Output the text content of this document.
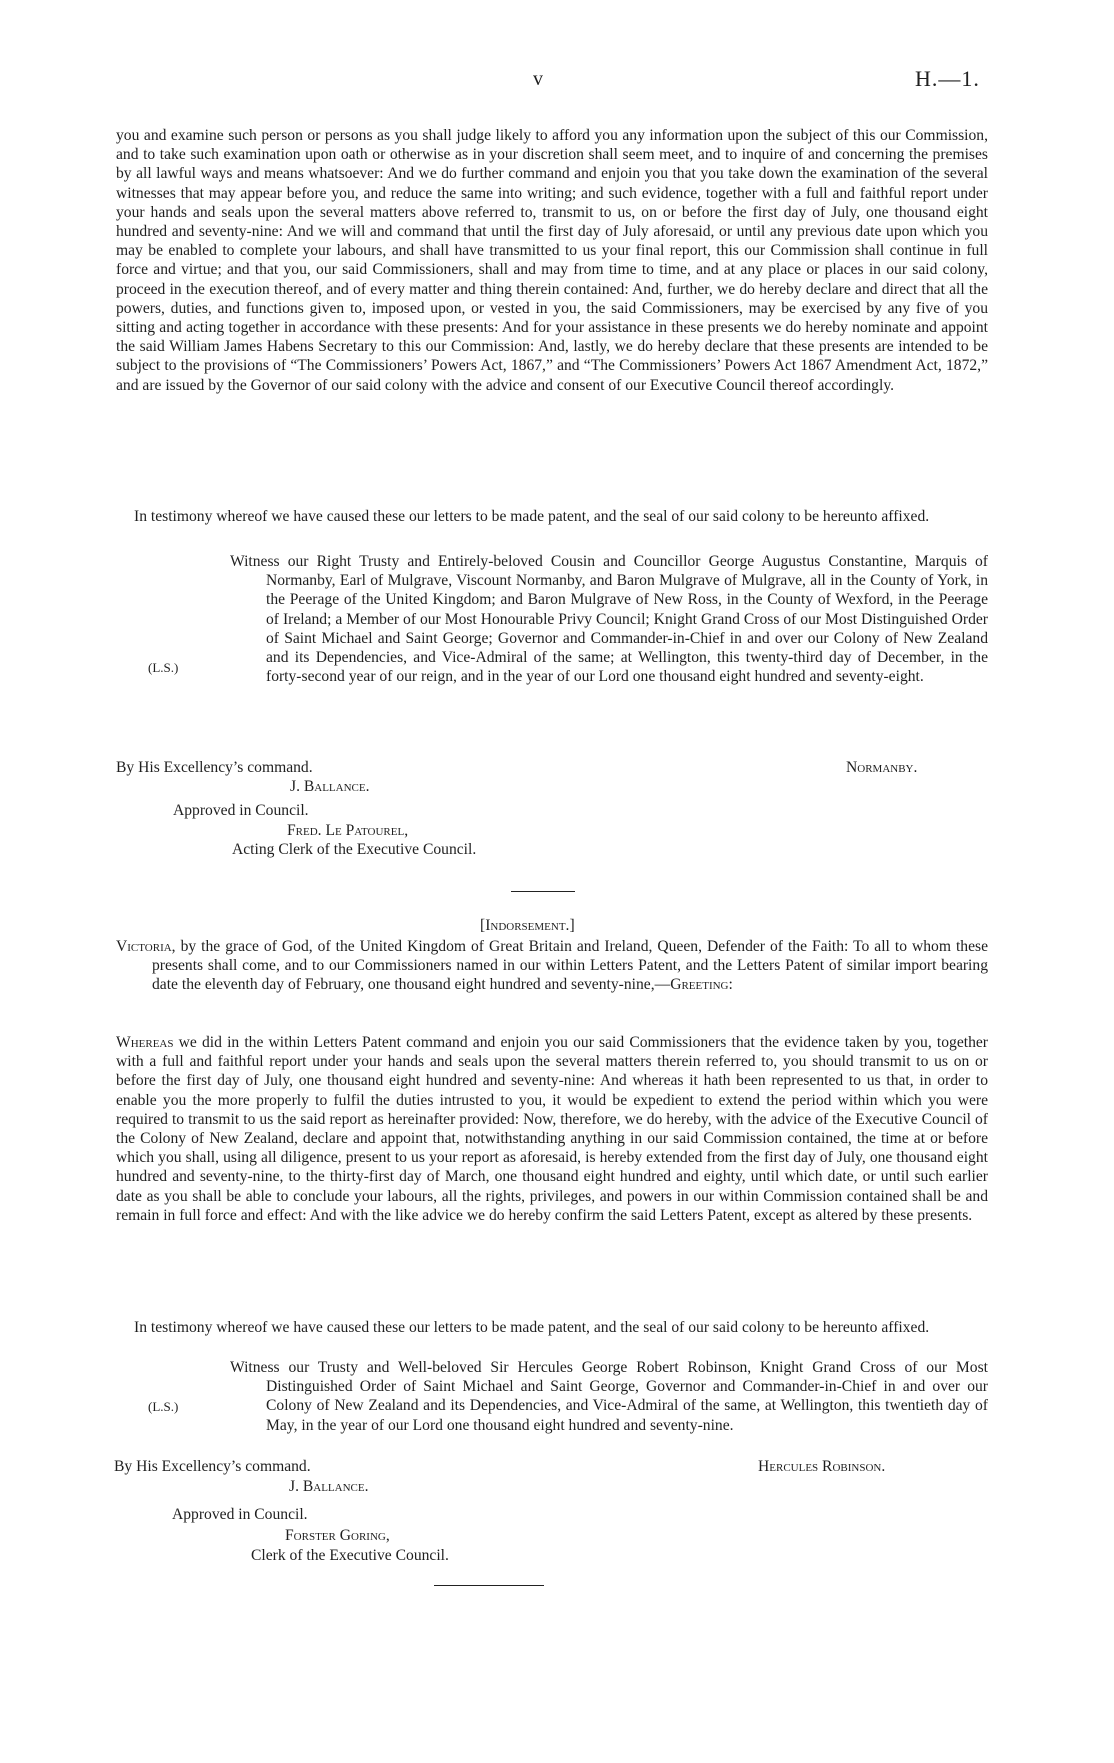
v	H.—1.
you and examine such person or persons as you shall judge likely to afford you any information upon the subject of this our Commission, and to take such examination upon oath or otherwise as in your discretion shall seem meet, and to inquire of and concerning the premises by all lawful ways and means whatsoever: And we do further command and enjoin you that you take down the examination of the several witnesses that may appear before you, and reduce the same into writing; and such evidence, together with a full and faithful report under your hands and seals upon the several matters above referred to, transmit to us, on or before the first day of July, one thousand eight hundred and seventy-nine: And we will and command that until the first day of July aforesaid, or until any previous date upon which you may be enabled to complete your labours, and shall have transmitted to us your final report, this our Commission shall continue in full force and virtue; and that you, our said Commissioners, shall and may from time to time, and at any place or places in our said colony, proceed in the execution thereof, and of every matter and thing therein contained: And, further, we do hereby declare and direct that all the powers, duties, and functions given to, imposed upon, or vested in you, the said Commissioners, may be exercised by any five of you sitting and acting together in accordance with these presents: And for your assistance in these presents we do hereby nominate and appoint the said William James Habens Secretary to this our Commission: And, lastly, we do hereby declare that these presents are intended to be subject to the provisions of “The Commissioners’ Powers Act, 1867,” and “The Commissioners’ Powers Act 1867 Amendment Act, 1872,” and are issued by the Governor of our said colony with the advice and consent of our Executive Council thereof accordingly.
In testimony whereof we have caused these our letters to be made patent, and the seal of our said colony to be hereunto affixed.
Witness our Right Trusty and Entirely-beloved Cousin and Councillor George Augustus Constantine, Marquis of Normanby, Earl of Mulgrave, Viscount Normanby, and Baron Mulgrave of Mulgrave, all in the County of York, in the Peerage of the United Kingdom; and Baron Mulgrave of New Ross, in the County of Wexford, in the Peerage of Ireland; a Member of our Most Honourable Privy Council; Knight Grand Cross of our Most Distinguished Order of Saint Michael and Saint George; Governor and Commander-in-Chief in and over our Colony of New Zealand and its Dependencies, and Vice-Admiral of the same; at Wellington, this twenty-third day of December, in the forty-second year of our reign, and in the year of our Lord one thousand eight hundred and seventy-eight.
(L.S.)
By His Excellency’s command.	Normanby.
J. Ballance.
Approved in Council.
Fred. Le Patourel,
Acting Clerk of the Executive Council.
[Indorsement.]
Victoria, by the grace of God, of the United Kingdom of Great Britain and Ireland, Queen, Defender of the Faith: To all to whom these presents shall come, and to our Commissioners named in our within Letters Patent, and the Letters Patent of similar import bearing date the eleventh day of February, one thousand eight hundred and seventy-nine,—Greeting:
Whereas we did in the within Letters Patent command and enjoin you our said Commissioners that the evidence taken by you, together with a full and faithful report under your hands and seals upon the several matters therein referred to, you should transmit to us on or before the first day of July, one thousand eight hundred and seventy-nine: And whereas it hath been represented to us that, in order to enable you the more properly to fulfil the duties intrusted to you, it would be expedient to extend the period within which you were required to transmit to us the said report as hereinafter provided: Now, therefore, we do hereby, with the advice of the Executive Council of the Colony of New Zealand, declare and appoint that, notwithstanding anything in our said Commission contained, the time at or before which you shall, using all diligence, present to us your report as aforesaid, is hereby extended from the first day of July, one thousand eight hundred and seventy-nine, to the thirty-first day of March, one thousand eight hundred and eighty, until which date, or until such earlier date as you shall be able to conclude your labours, all the rights, privileges, and powers in our within Commission contained shall be and remain in full force and effect: And with the like advice we do hereby confirm the said Letters Patent, except as altered by these presents.
In testimony whereof we have caused these our letters to be made patent, and the seal of our said colony to be hereunto affixed.
Witness our Trusty and Well-beloved Sir Hercules George Robert Robinson, Knight Grand Cross of our Most Distinguished Order of Saint Michael and Saint George, Governor and Commander-in-Chief in and over our Colony of New Zealand and its Dependencies, and Vice-Admiral of the same, at Wellington, this twentieth day of May, in the year of our Lord one thousand eight hundred and seventy-nine.
(L.S.)
By His Excellency’s command.	Hercules Robinson.
J. Ballance.
Approved in Council.
Forster Goring,
Clerk of the Executive Council.
